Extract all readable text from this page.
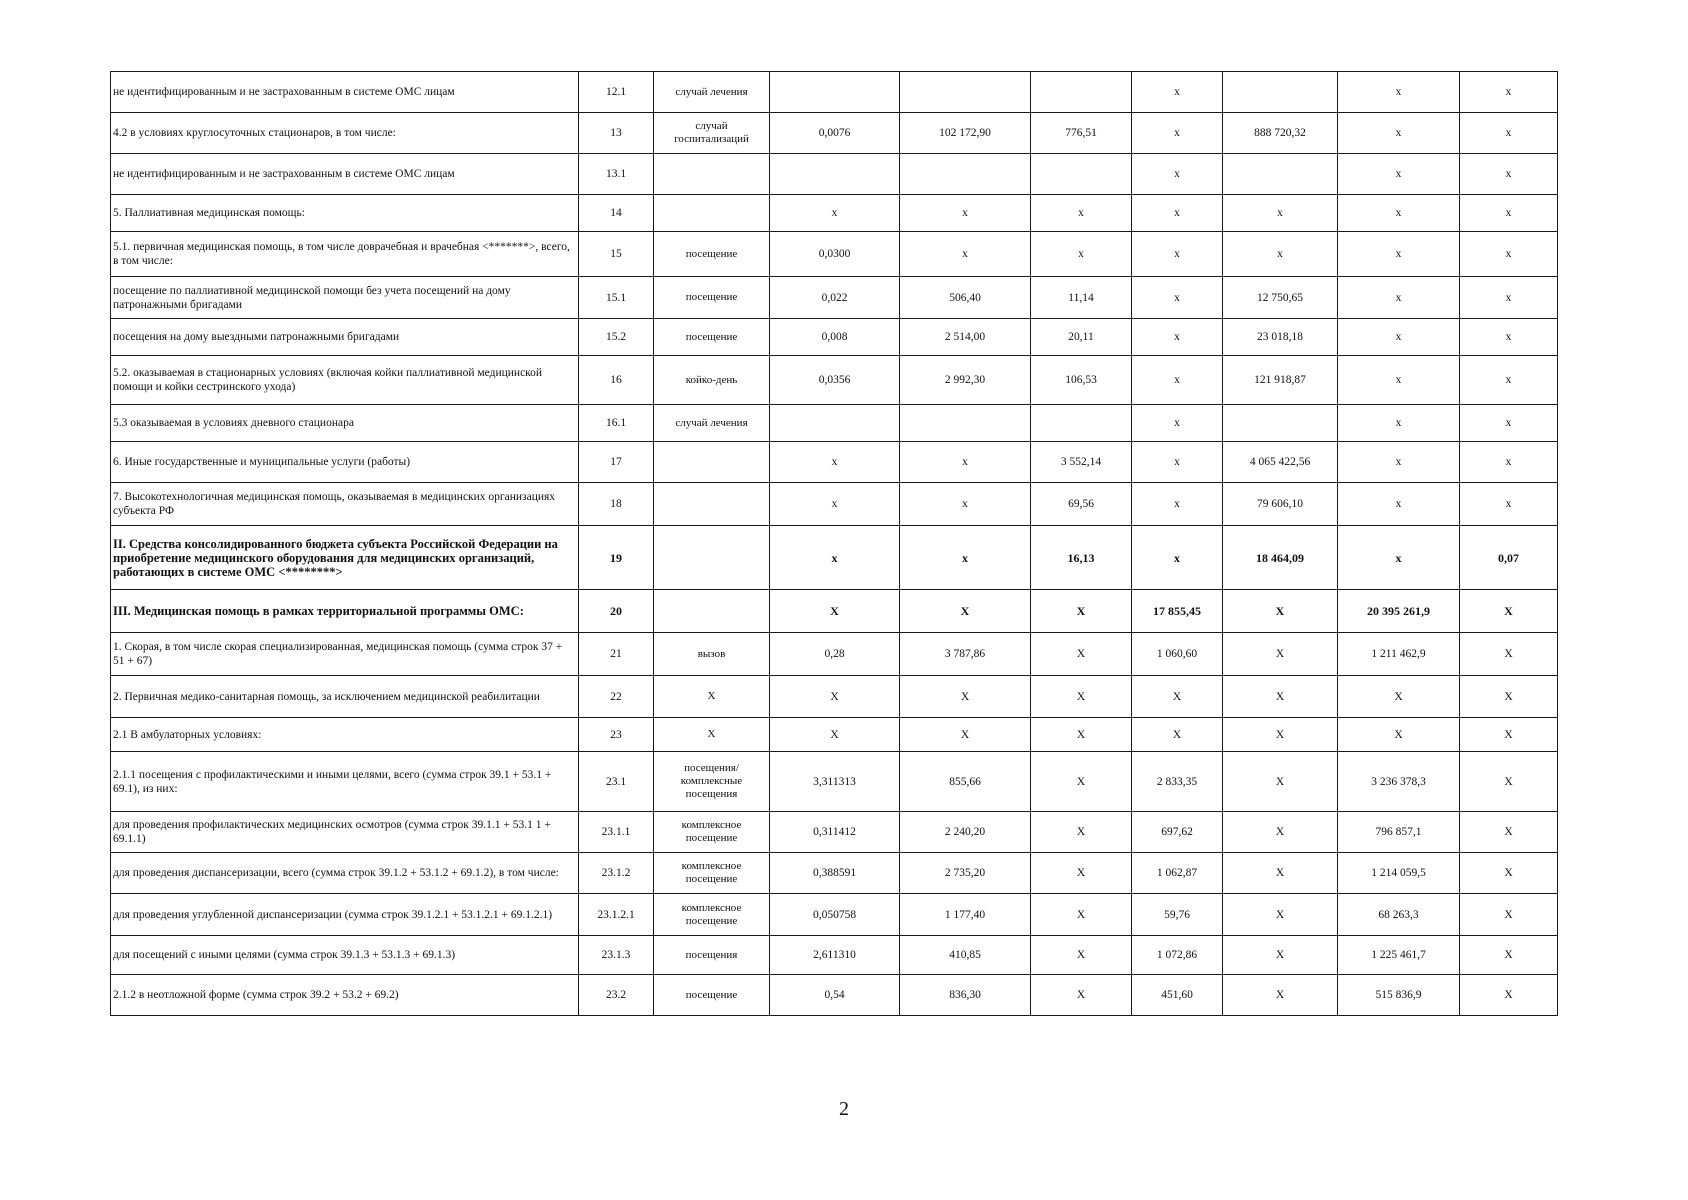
не идентифицированным и не застрахованным в системе ОМС лицам	12.1	случай лечения				х		х	х
4.2 в условиях круглосуточных стационаров, в том числе:	13	случай госпитализаций	0,0076	102 172,90	776,51	х	888 720,32	х	х
не идентифицированным и не застрахованным в системе ОМС лицам	13.1					х		х	х
5. Паллиативная медицинская помощь:	14		х	х	х	х	х	х	х
5.1. первичная медицинская помощь, в том числе доврачебная и врачебная <*******>, всего, в том числе:	15	посещение	0,0300	х	х	х	х	х	х
посещение по паллиативной медицинской помощи без учета посещений на дому патронажными бригадами	15.1	посещение	0,022	506,40	11,14	х	12 750,65	х	х
посещения на дому выездными патронажными бригадами	15.2	посещение	0,008	2 514,00	20,11	х	23 018,18	х	х
5.2. оказываемая в стационарных условиях (включая койки паллиативной медицинской помощи и койки сестринского ухода)	16	койко-день	0,0356	2 992,30	106,53	х	121 918,87	х	х
5.3 оказываемая в условиях дневного стационара	16.1	случай лечения				х		х	х
6. Иные государственные и муниципальные услуги (работы)	17		х	х	3 552,14	х	4 065 422,56	х	х
7. Высокотехнологичная медицинская помощь, оказываемая в медицинских организациях субъекта РФ	18		х	х	69,56	х	79 606,10	х	х
II. Средства консолидированного бюджета субъекта Российской Федерации на приобретение медицинского оборудования для медицинских организаций, работающих в системе ОМС <********>	19		х	х	16,13	х	18 464,09	х	0,07
III. Медицинская помощь в рамках территориальной программы ОМС:	20		X	X	X	17 855,45	X	20 395 261,9	X
1. Скорая, в том числе скорая специализированная, медицинская помощь (сумма строк 37 + 51 + 67)	21	вызов	0,28	3 787,86	X	1 060,60	X	1 211 462,9	X
2. Первичная медико-санитарная помощь, за исключением медицинской реабилитации	22	X	X	X	X	X	X	X	X
2.1 В амбулаторных условиях:	23	X	X	X	X	X	X	X	X
2.1.1 посещения с профилактическими и иными целями, всего (сумма строк 39.1 + 53.1 + 69.1), из них:	23.1	посещения/ комплексные посещения	3,311313	855,66	X	2 833,35	X	3 236 378,3	X
для проведения профилактических медицинских осмотров (сумма строк 39.1.1 + 53.1 1 + 69.1.1)	23.1.1	комплексное посещение	0,311412	2 240,20	X	697,62	X	796 857,1	X
для проведения диспансеризации, всего (сумма строк 39.1.2 + 53.1.2 + 69.1.2), в том числе:	23.1.2	комплексное посещение	0,388591	2 735,20	X	1 062,87	X	1 214 059,5	X
для проведения углубленной диспансеризации (сумма строк 39.1.2.1 + 53.1.2.1 + 69.1.2.1)	23.1.2.1	комплексное посещение	0,050758	1 177,40	X	59,76	X	68 263,3	X
для посещений с иными целями (сумма строк 39.1.3 + 53.1.3 + 69.1.3)	23.1.3	посещения	2,611310	410,85	X	1 072,86	X	1 225 461,7	X
2.1.2 в неотложной форме (сумма строк 39.2 + 53.2 + 69.2)	23.2	посещение	0,54	836,30	X	451,60	X	515 836,9	X
2
